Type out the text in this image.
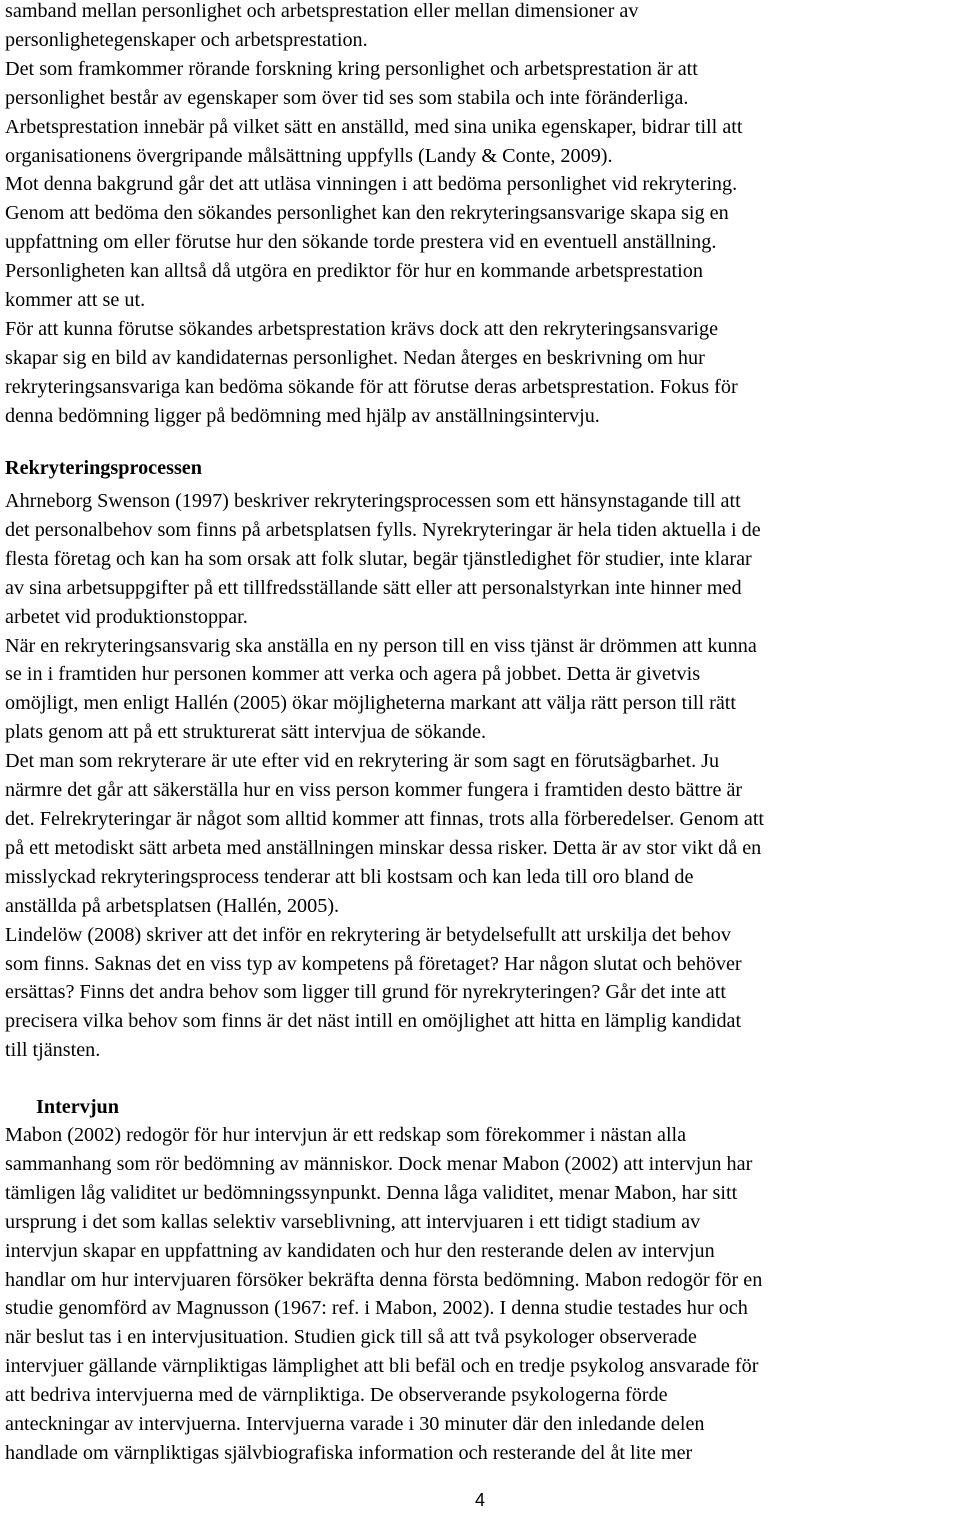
samband mellan personlighet och arbetsprestation eller mellan dimensioner av
personlighetegenskaper och arbetsprestation.
Det som framkommer rörande forskning kring personlighet och arbetsprestation är att
personlighet består av egenskaper som över tid ses som stabila och inte föränderliga.
Arbetsprestation innebär på vilket sätt en anställd, med sina unika egenskaper, bidrar till att
organisationens övergripande målsättning uppfylls (Landy & Conte, 2009).
Mot denna bakgrund går det att utläsa vinningen i att bedöma personlighet vid rekrytering.
Genom att bedöma den sökandes personlighet kan den rekryteringsansvarige skapa sig en
uppfattning om eller förutse hur den sökande torde prestera vid en eventuell anställning.
Personligheten kan alltså då utgöra en prediktor för hur en kommande arbetsprestation
kommer att se ut.
För att kunna förutse sökandes arbetsprestation krävs dock att den rekryteringsansvarige
skapar sig en bild av kandidaternas personlighet. Nedan återges en beskrivning om hur
rekryteringsansvariga kan bedöma sökande för att förutse deras arbetsprestation. Fokus för
denna bedömning ligger på bedömning med hjälp av anställningsintervju.
Rekryteringsprocessen
Ahrneborg Swenson (1997) beskriver rekryteringsprocessen som ett hänsynstagande till att
det personalbehov som finns på arbetsplatsen fylls. Nyrekryteringar är hela tiden aktuella i de
flesta företag och kan ha som orsak att folk slutar, begär tjänstledighet för studier, inte klarar
av sina arbetsuppgifter på ett tillfredsställande sätt eller att personalstyrkan inte hinner med
arbetet vid produktionstoppar.
När en rekryteringsansvarig ska anställa en ny person till en viss tjänst är drömmen att kunna
se in i framtiden hur personen kommer att verka och agera på jobbet. Detta är givetvis
omöjligt, men enligt Hallén (2005) ökar möjligheterna markant att välja rätt person till rätt
plats genom att på ett strukturerat sätt intervjua de sökande.
Det man som rekryterare är ute efter vid en rekrytering är som sagt en förutsägbarhet. Ju
närmre det går att säkerställa hur en viss person kommer fungera i framtiden desto bättre är
det. Felrekryteringar är något som alltid kommer att finnas, trots alla förberedelser. Genom att
på ett metodiskt sätt arbeta med anställningen minskar dessa risker. Detta är av stor vikt då en
misslyckad rekryteringsprocess tenderar att bli kostsam och kan leda till oro bland de
anställda på arbetsplatsen (Hallén, 2005).
Lindelöw (2008) skriver att det inför en rekrytering är betydelsefullt att urskilja det behov
som finns. Saknas det en viss typ av kompetens på företaget? Har någon slutat och behöver
ersättas? Finns det andra behov som ligger till grund för nyrekryteringen? Går det inte att
precisera vilka behov som finns är det näst intill en omöjlighet att hitta en lämplig kandidat
till tjänsten.
Intervjun
Mabon (2002) redogör för hur intervjun är ett redskap som förekommer i nästan alla
sammanhang som rör bedömning av människor. Dock menar Mabon (2002) att intervjun har
tämligen låg validitet ur bedömningssynpunkt. Denna låga validitet, menar Mabon, har sitt
ursprung i det som kallas selektiv varseblivning, att intervjuaren i ett tidigt stadium av
intervjun skapar en uppfattning av kandidaten och hur den resterande delen av intervjun
handlar om hur intervjuaren försöker bekräfta denna första bedömning. Mabon redogör för en
studie genomförd av Magnusson (1967: ref. i Mabon, 2002). I denna studie testades hur och
när beslut tas i en intervjusituation. Studien gick till så att två psykologer observerade
intervjuer gällande värnpliktigas lämplighet att bli befäl och en tredje psykolog ansvarade för
att bedriva intervjuerna med de värnpliktiga. De observerande psykologerna förde
anteckningar av intervjuerna. Intervjuerna varade i 30 minuter där den inledande delen
handlade om värnpliktigas självbiografiska information och resterande del åt lite mer
4
